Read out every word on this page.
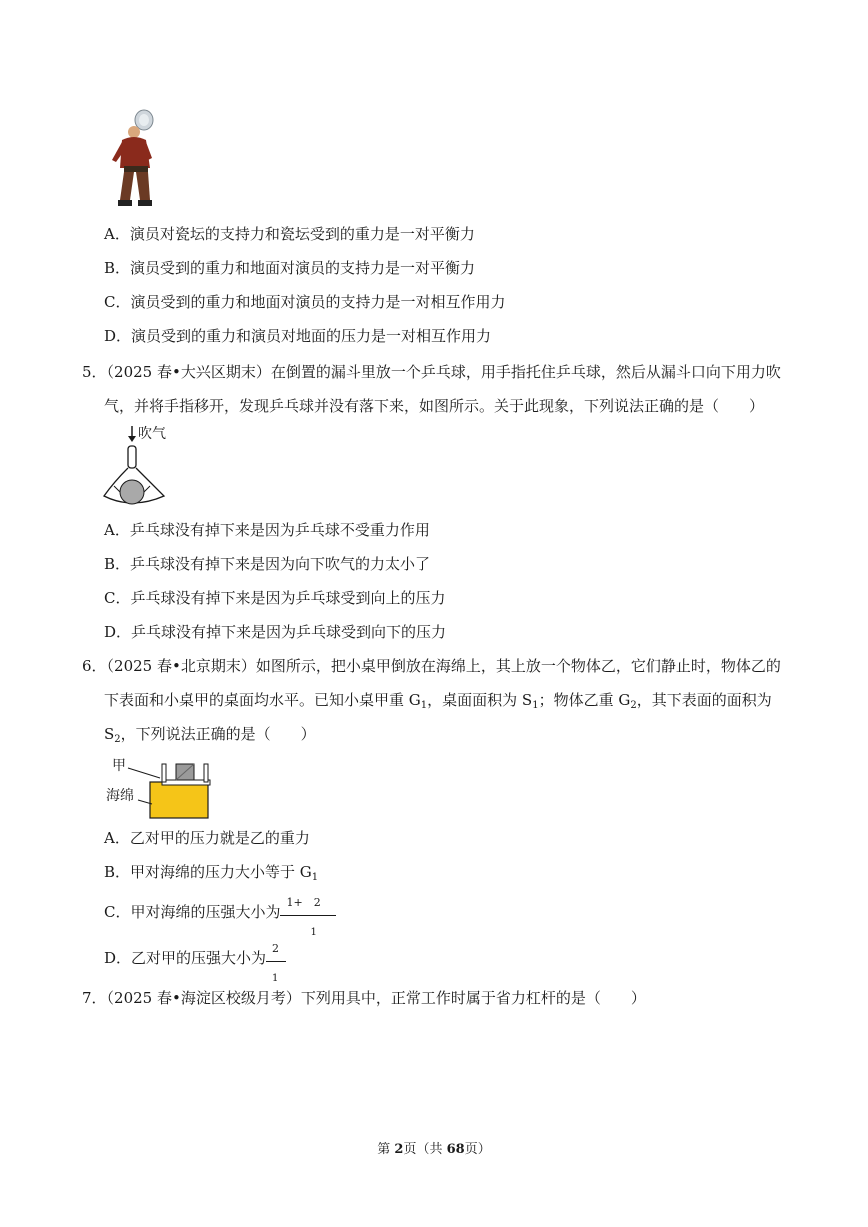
A．演员对瓷坛的支持力和瓷坛受到的重力是一对平衡力
B．演员受到的重力和地面对演员的支持力是一对平衡力
C．演员受到的重力和地面对演员的支持力是一对相互作用力
D．演员受到的重力和演员对地面的压力是一对相互作用力
5．（2025 春•大兴区期末）在倒置的漏斗里放一个乒乓球，用手指托住乒乓球，然后从漏斗口向下用力吹
气，并将手指移开，发现乒乓球并没有落下来，如图所示。关于此现象，下列说法正确的是（　　）
吹气
A．乒乓球没有掉下来是因为乒乓球不受重力作用
B．乒乓球没有掉下来是因为向下吹气的力太小了
C．乒乓球没有掉下来是因为乒乓球受到向上的压力
D．乒乓球没有掉下来是因为乒乓球受到向下的压力
6．（2025 春•北京期末）如图所示，把小桌甲倒放在海绵上，其上放一个物体乙，它们静止时，物体乙的
下表面和小桌甲的桌面均水平。已知小桌甲重 $G_1$，桌面面积为 $S_1$；物体乙重 $G_2$，其下表面的面积为
$S_2$，下列说法正确的是（　　）
甲
海绵
A．乙对甲的压力就是乙的重力
B．甲对海绵的压力大小等于 $G_1$
C．甲对海绵的压强大小为 $\frac{1+ 2}{1}$
D．乙对甲的压强大小为 $\frac{2}{1}$
7．（2025 春•海淀区校级月考）下列用具中，正常工作时属于省力杠杆的是（　　）
第 2页（共 68页）
